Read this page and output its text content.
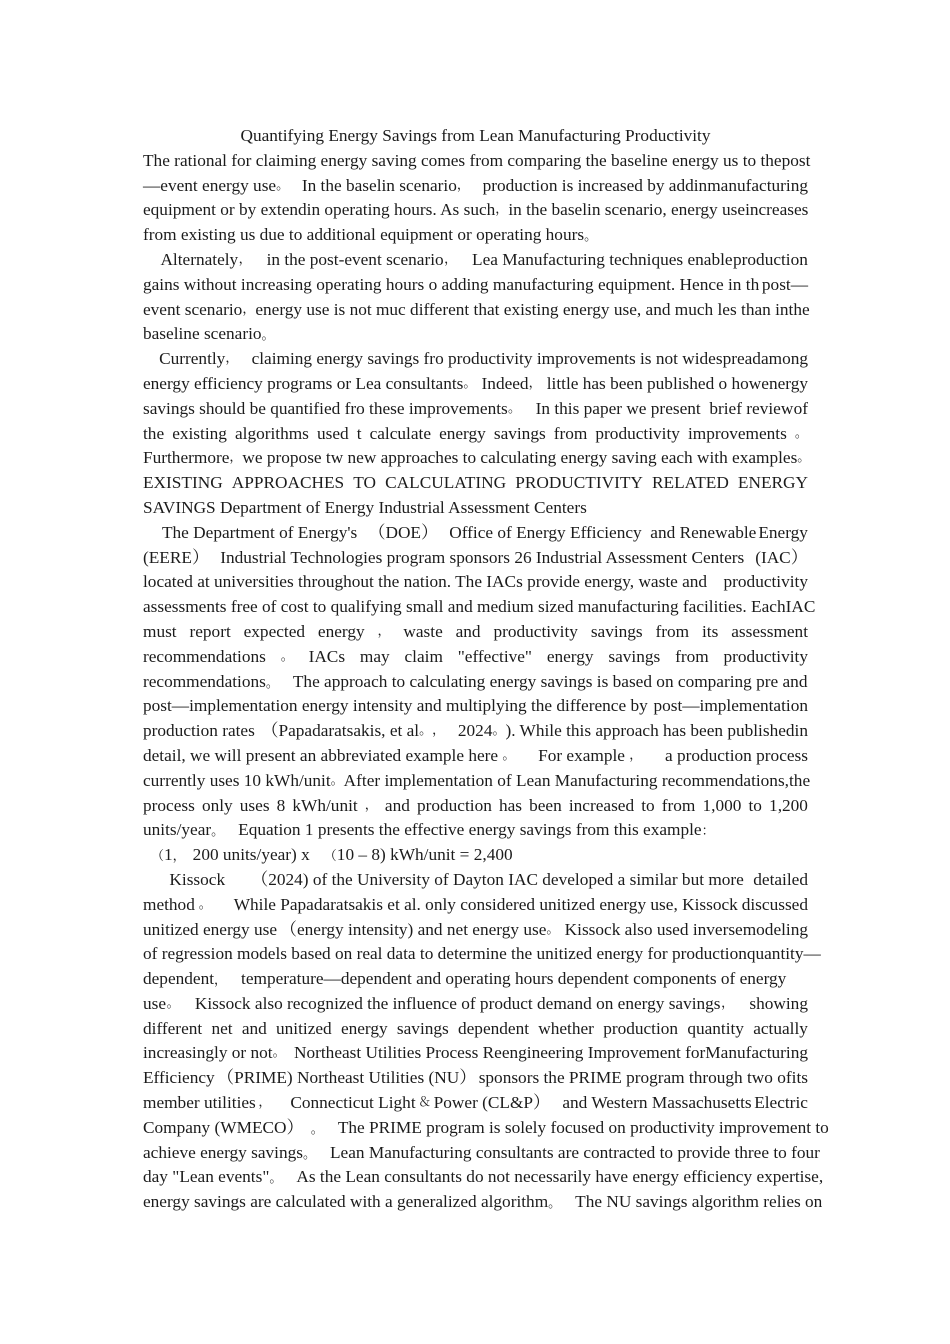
Quantifying Energy Savings from Lean Manufacturing Productivity
The rational for claiming energy saving comes from comparing the baseline energy us to the post
—event energy use 。 In the baselin scenario ， production is increased by addin manufacturing
equipment or by extendin operating hours. As such ， in the baselin scenario, energy use increases
from existing us due to additional equipment or operating hours。
Alternately ， in the post-event scenario ， Lea Manufacturing techniques enable production
gains without increasing operating hours o adding manufacturing equipment. Hence in th post—
event scenario ， energy use is not muc different that existing energy use, and much les than in the
baseline scenario。
Currently ， claiming energy savings fro productivity improvements is not widespread among
energy efficiency programs or Lea consultants 。 Indeed ， little has been published o how energy
savings should be quantified fro these improvements 。 In this paper we present  brief review of
the existing algorithms used t calculate energy savings from productivity improvements 。
Furthermore ， we propose tw new approaches to calculating energy saving each with examples 。
EXISTING APPROACHES TO CALCULATING PRODUCTIVITY RELATED ENERGY
SAVINGS Department of Energy Industrial Assessment Centers
The Department of Energy's （DOE） Office of Energy Efficiency  and Renewable Energy
(EERE） Industrial Technologies program sponsors 26 Industrial Assessment Centers (IAC）
located at universities throughout the nation. The IACs provide energy, waste and productivity
assessments free of cost to qualifying small and medium sized manufacturing facilities. Each IAC
must report expected energy ， waste and productivity savings from its assessment
recommendations 。 IACs may claim "effective" energy savings from productivity
recommendations。 The approach to calculating energy savings is based on comparing pre and
post—implementation energy intensity and multiplying the difference by post—implementation
production rates （Papadaratsakis, et al 。 ， 2024 。 ). While this approach has been published in
detail, we will present an abbreviated example here 。 For example ， a production process
currently uses 10 kWh/unit 。 After implementation of Lean Manufacturing recommendations, the
process only uses 8 kWh/unit ， and production has been increased to from 1,000 to 1,200
units/year。 Equation 1 presents the effective energy savings from this example：
（1， 200 units/year) x （10 – 8) kWh/unit = 2,400
Kissock （2024) of the University of Dayton IAC developed a similar but more detailed
method 。 While Papadaratsakis et al. only considered unitized energy use, Kissock discussed
unitized energy use （energy intensity) and net energy use 。 Kissock also used inverse modeling
of regression models based on real data to determine the unitized energy for production quantity—
dependent， temperature—dependent and operating hours dependent components of energy
use 。 Kissock also recognized the influence of product demand on energy savings ， showing
different net and unitized energy savings dependent whether production quantity actually
increasingly or not 。 Northeast Utilities Process Reengineering Improvement for Manufacturing
Efficiency （PRIME) Northeast Utilities (NU） sponsors the PRIME program through two of its
member utilities ， Connecticut Light ＆ Power (CL&P） and Western Massachusetts Electric
Company (WMECO） 。 The PRIME program is solely focused on productivity improvement to
achieve energy savings。 Lean Manufacturing consultants are contracted to provide three to four
day "Lean events"。 As the Lean consultants do not necessarily have energy efficiency expertise,
energy savings are calculated with a generalized algorithm。 The NU savings algorithm relies on
